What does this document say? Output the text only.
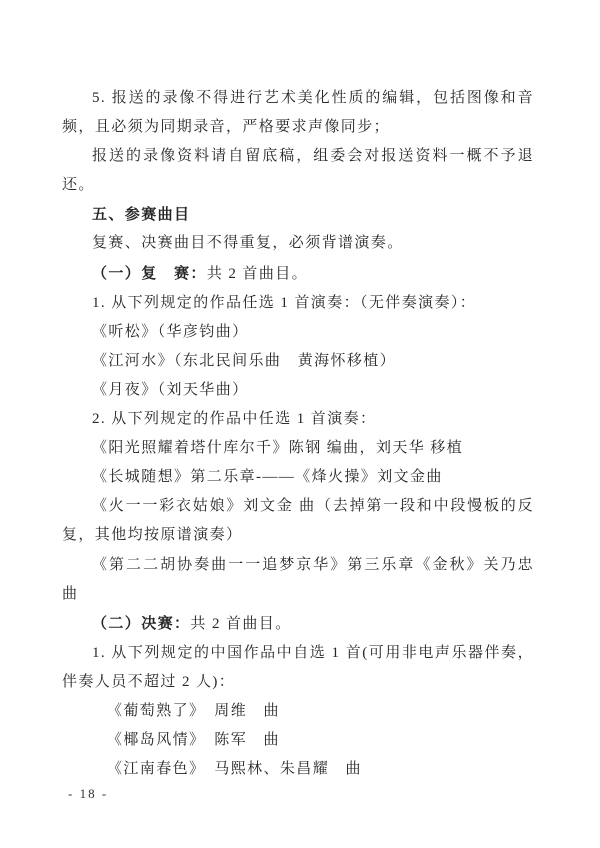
5. 报送的录像不得进行艺术美化性质的编辑，包括图像和音频，且必须为同期录音，严格要求声像同步；

报送的录像资料请自留底稿，组委会对报送资料一概不予退还。

五、参赛曲目

复赛、决赛曲目不得重复，必须背谱演奏。

（一）复　赛：共 2 首曲目。

1. 从下列规定的作品任选 1 首演奏：（无伴奏演奏）：

《听松》（华彦钧曲）

《江河水》（东北民间乐曲　黄海怀移植）

《月夜》（刘天华曲）

2. 从下列规定的作品中任选 1 首演奏：

《阳光照耀着塔什库尔千》陈钢 编曲，刘天华 移植

《长城随想》第二乐章-——《烽火操》刘文金曲

《火一一彩衣姑娘》刘文金 曲（去掉第一段和中段慢板的反复，其他均按原谱演奏）

《第二二胡协奏曲一一追梦京华》第三乐章《金秋》关乃忠曲

（二）决赛：共 2 首曲目。

1. 从下列规定的中国作品中自选 1 首(可用非电声乐器伴奏，伴奏人员不超过 2 人)：

《葡萄熟了》　周维　曲

《椰岛风情》　陈军　曲

《江南春色》　马熙林、朱昌耀　曲

- 18 -
